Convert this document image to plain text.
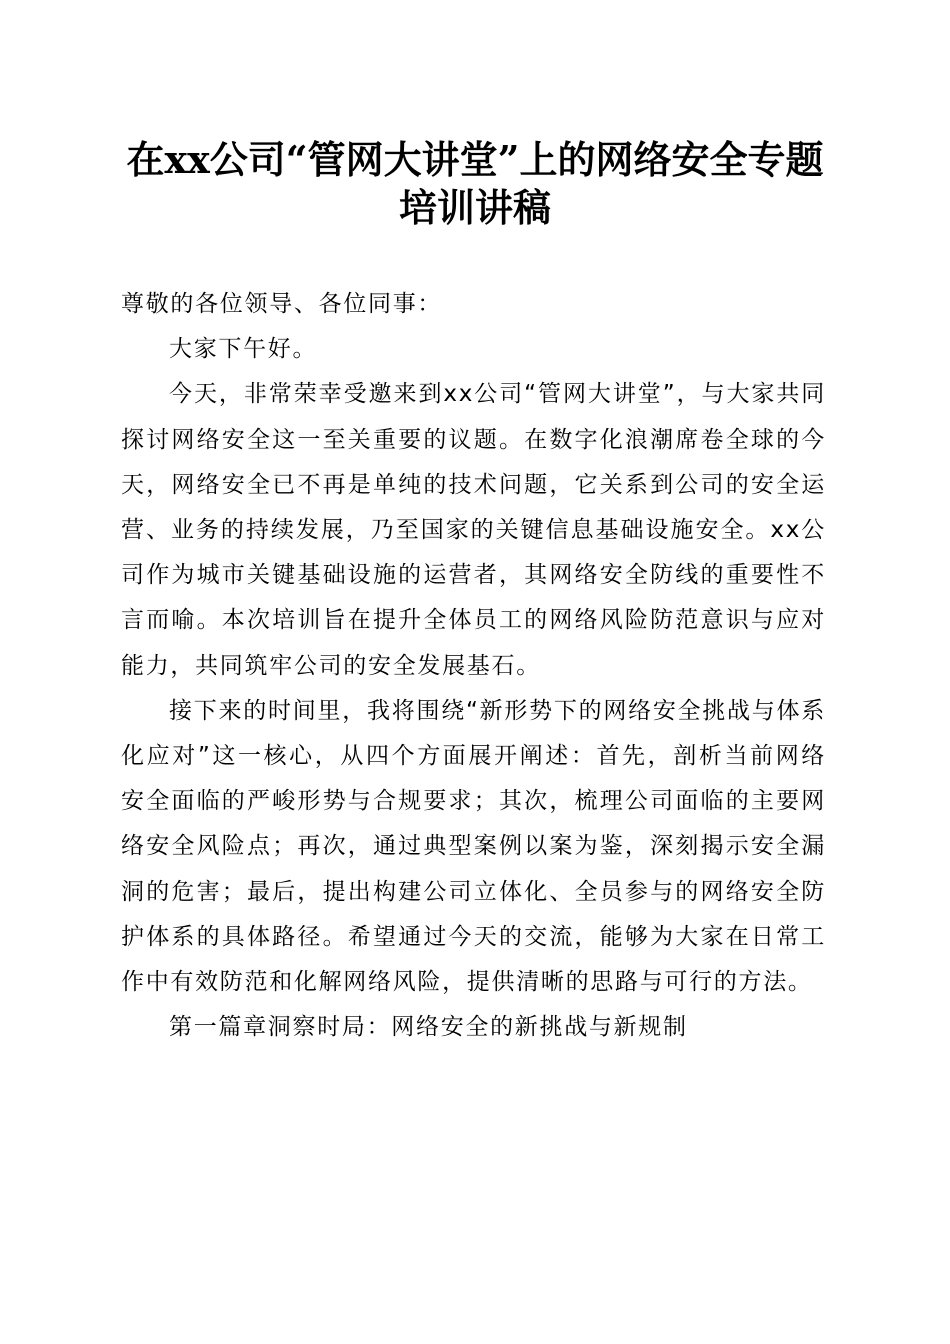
在xx公司“管网大讲堂”上的网络安全专题
培训讲稿

尊敬的各位领导、各位同事：

大家下午好。

今天，非常荣幸受邀来到xx公司“管网大讲堂”，与大家共同探讨网络安全这一至关重要的议题。在数字化浪潮席卷全球的今天，网络安全已不再是单纯的技术问题，它关系到公司的安全运营、业务的持续发展，乃至国家的关键信息基础设施安全。xx公司作为城市关键基础设施的运营者，其网络安全防线的重要性不言而喻。本次培训旨在提升全体员工的网络风险防范意识与应对能力，共同筑牢公司的安全发展基石。

接下来的时间里，我将围绕“新形势下的网络安全挑战与体系化应对”这一核心，从四个方面展开阐述：首先，剖析当前网络安全面临的严峻形势与合规要求；其次，梳理公司面临的主要网络安全风险点；再次，通过典型案例以案为鉴，深刻揭示安全漏洞的危害；最后，提出构建公司立体化、全员参与的网络安全防护体系的具体路径。希望通过今天的交流，能够为大家在日常工作中有效防范和化解网络风险，提供清晰的思路与可行的方法。

第一篇章洞察时局：网络安全的新挑战与新规制
